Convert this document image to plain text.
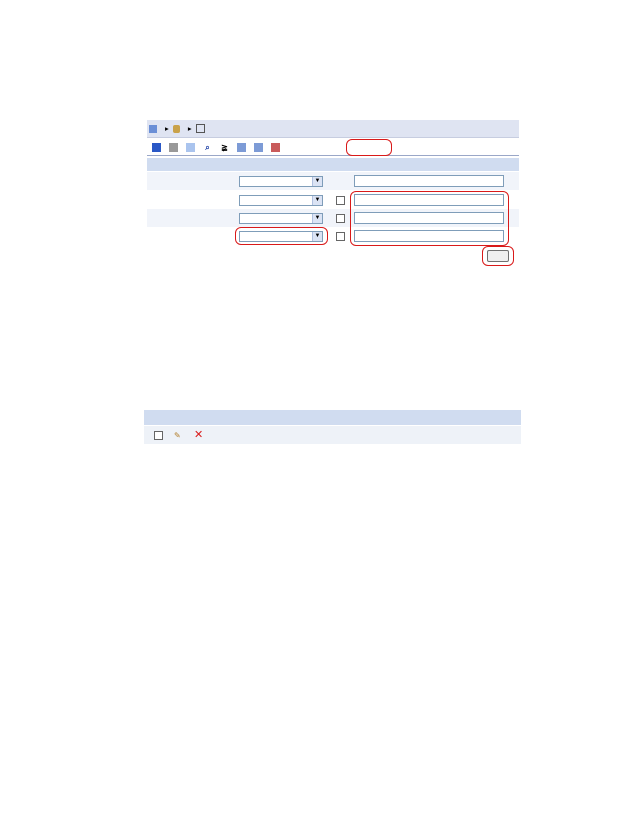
▸ ▸
⌕ ≩
▼
▼
▼
▼

✎ ✕
